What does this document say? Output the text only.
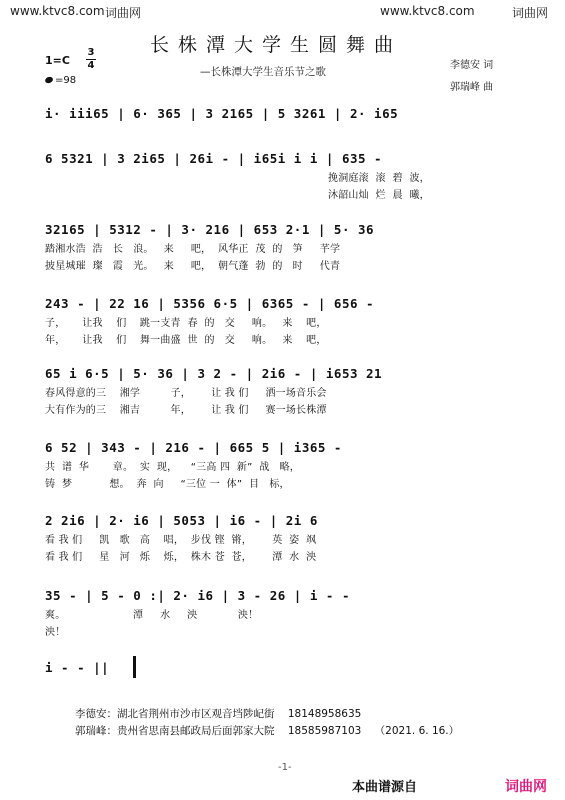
www.ktvc8.com 词曲网	www.ktvc8.com	词曲网
长株潭大学生圆舞曲
—长株潭大学生音乐节之歌
李德安 词
郭瑞峰 曲
1=C
3
4
=98
i· iii65 | 6· 365 | 3 2165 | 5 3261 | 2· i65
6 5321 | 3 2i65 | 26i - | i65i i i | 635 -
挽洞庭滚  滚  碧  波，
沐韶山灿  烂  晨  曦，
32165 | 5312 - | 3· 216 | 653 2·1 | 5· 36
踏湘水浩  浩   长   浪。   来     吧，  风华正  茂  的   笋     芊学
披星城璀  璨   霞   光。   来     吧，  朝气蓬  勃  的   时     代青
243 - | 22 16 | 5356 6·5 | 6365 - | 656 -
子，     让我    们    跳一支青  春  的   交     响。   来    吧，
年，     让我    们    舞一曲盛  世  的   交     响。   来    吧，
65 i 6·5 | 5· 36 | 3 2 - | 2i6 - | i653 21
春风得意的三    湘学         子，      让 我 们     洒一场音乐会
大有作为的三    湘吉         年，      让 我 们     赛一场长株潭
6 52 | 343 - | 216 - | 665 5 | i365 -
共  谱  华       章。  实  现，    “三高 四  新”  战   略，
铸  梦           想。  奔  向     “三位 一  体”  目   标，
2 2i6 | 2· i6 | 5053 | i6 - | 2i 6
看 我 们     凯   歌   高    唱，  步伐 铿  锵，      英  姿  飒
看 我 们     星   河   烁    烁，  株木 苍  苍，      潭  水  泱
35 - | 5 - 0 :| 2· i6 | 3 - 26 | i - -
爽。                    潭     水     泱            泱！
泱！
i - - ||
李德安：湖北省荆州市沙市区观音垱陟屺街    18148958635
郭瑞峰：贵州省思南县邮政局后面郭家大院    18585987103    （2021. 6. 16.）
-1-
本曲谱源自	词曲网
